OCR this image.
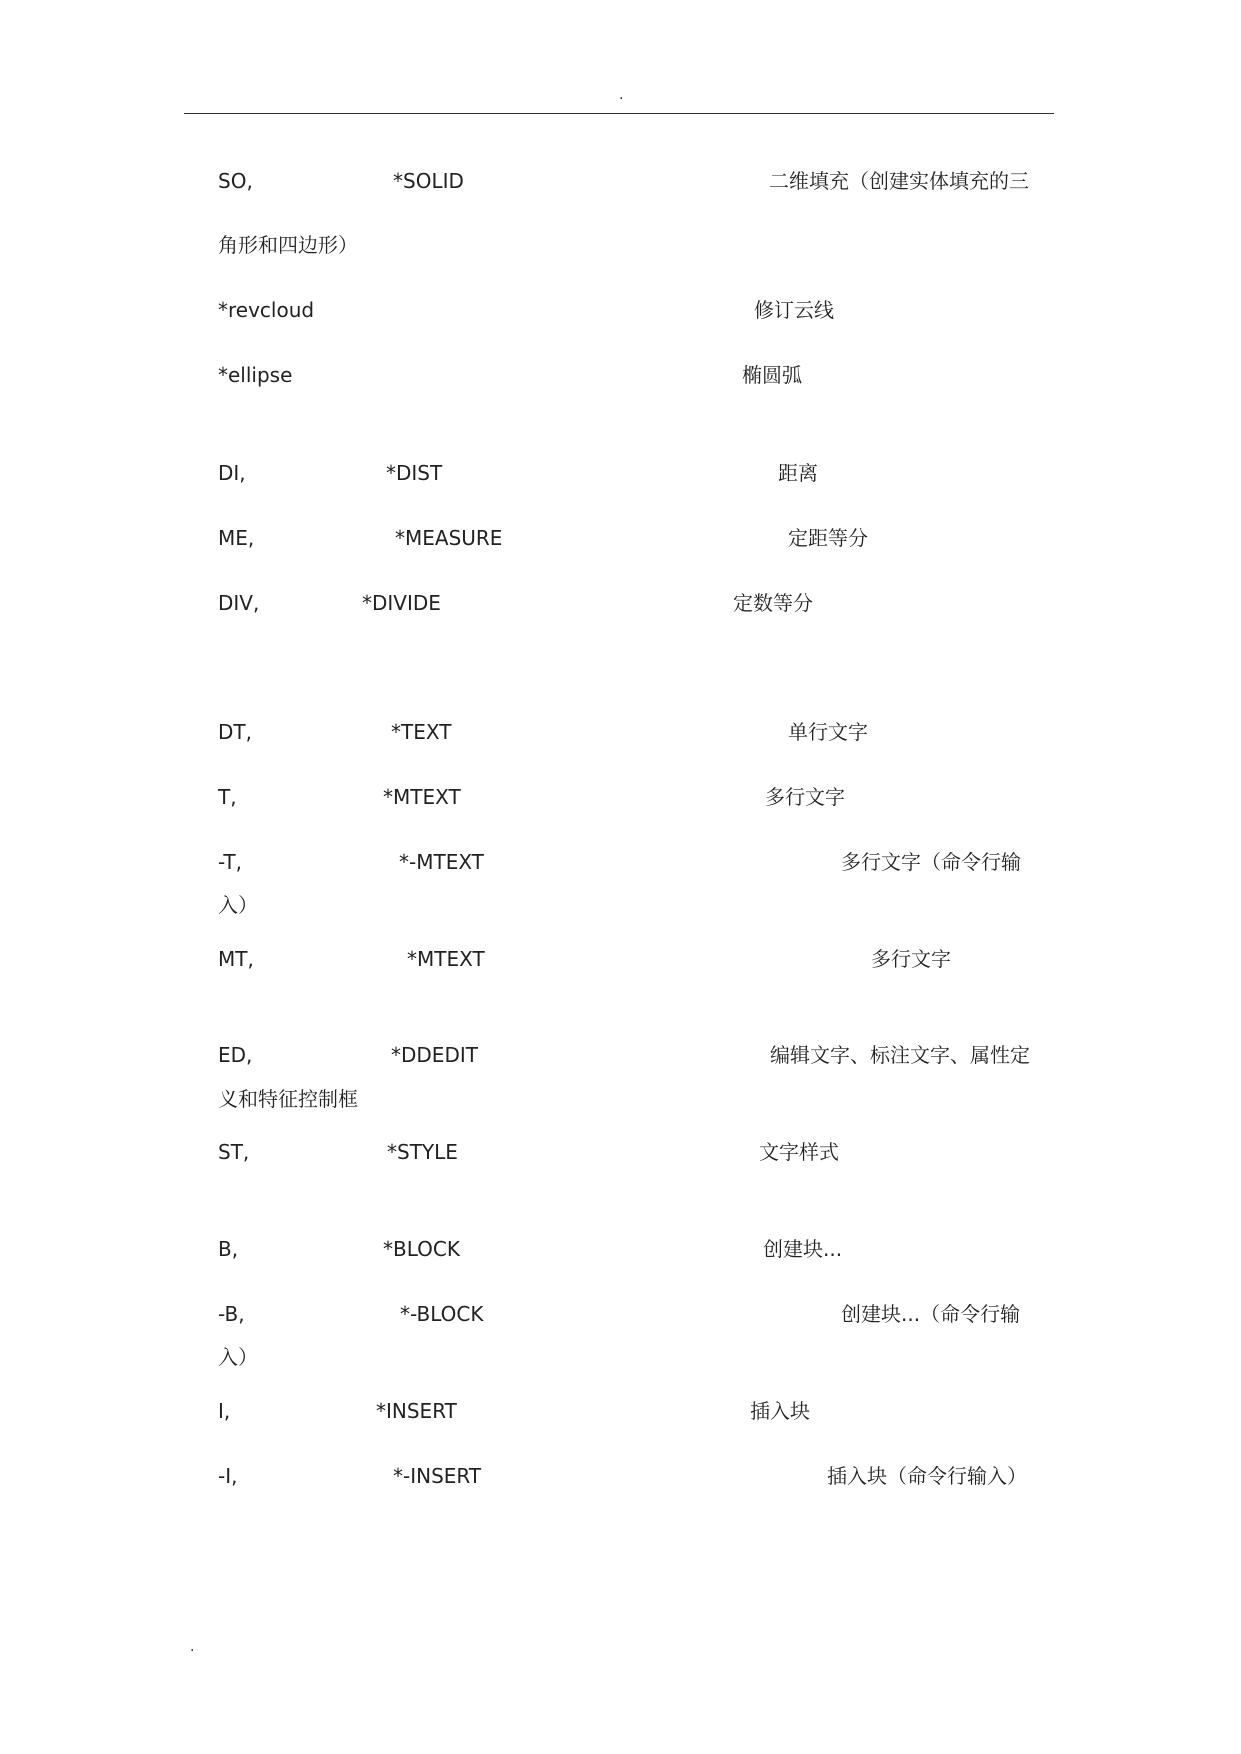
.
SO,	*SOLID	二维填充（创建实体填充的三
角形和四边形）
*revcloud	修订云线
*ellipse	椭圆弧
DI,	*DIST	距离
ME,	*MEASURE	定距等分
DIV,	*DIVIDE	定数等分
DT,	*TEXT	单行文字
T,	*MTEXT	多行文字
-T,	*-MTEXT	多行文字（命令行输
入）
MT,	*MTEXT	多行文字
ED,	*DDEDIT	编辑文字、标注文字、属性定
义和特征控制框
ST,	*STYLE	文字样式
B,	*BLOCK	创建块...
-B,	*-BLOCK	创建块...（命令行输
入）
I,	*INSERT	插入块
-I,	*-INSERT	插入块（命令行输入）
.
